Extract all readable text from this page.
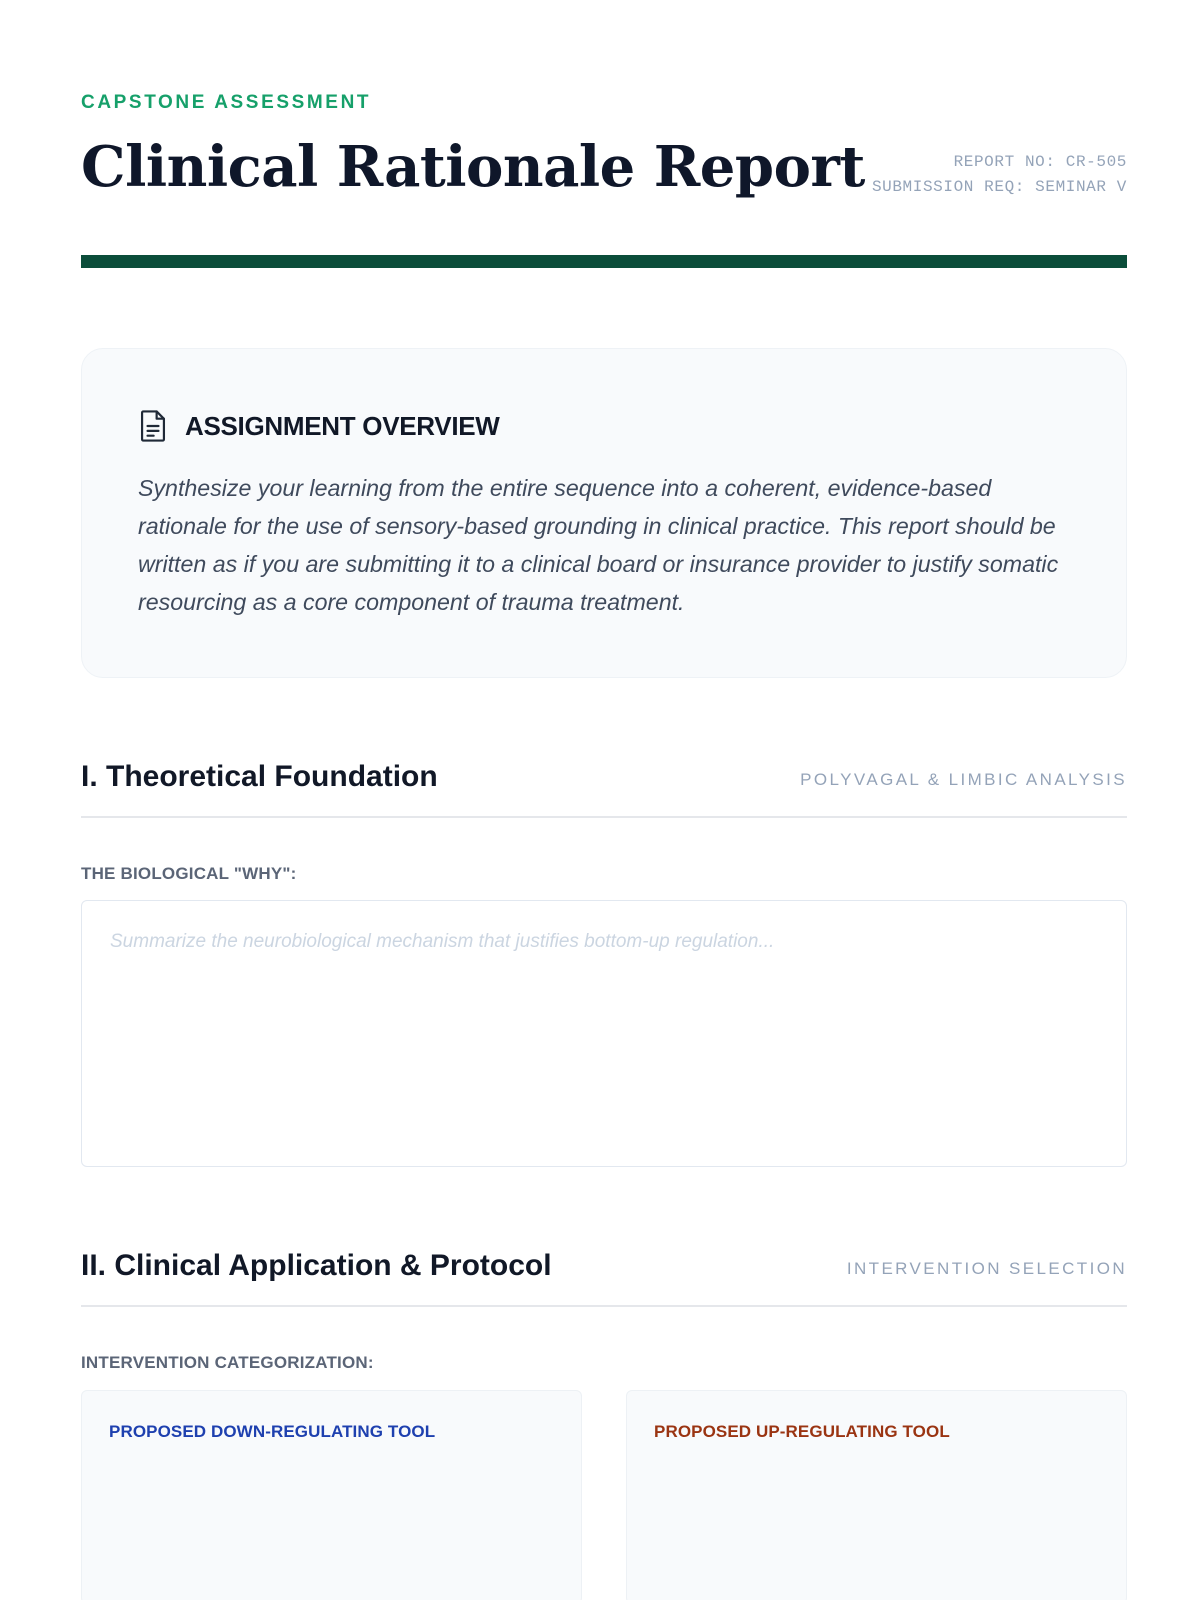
CAPSTONE ASSESSMENT
Clinical Rationale Report	REPORT NO: CR-505
SUBMISSION REQ: SEMINAR V
ASSIGNMENT OVERVIEW

Synthesize your learning from the entire sequence into a coherent, evidence-based rationale for the use of sensory-based grounding in clinical practice. This report should be written as if you are submitting it to a clinical board or insurance provider to justify somatic resourcing as a core component of trauma treatment.

I. Theoretical Foundation	POLYVAGAL & LIMBIC ANALYSIS
THE BIOLOGICAL "WHY":
Summarize the neurobiological mechanism that justifies bottom-up regulation...
II. Clinical Application & Protocol	INTERVENTION SELECTION
INTERVENTION CATEGORIZATION:
PROPOSED DOWN-REGULATING TOOL	PROPOSED UP-REGULATING TOOL
